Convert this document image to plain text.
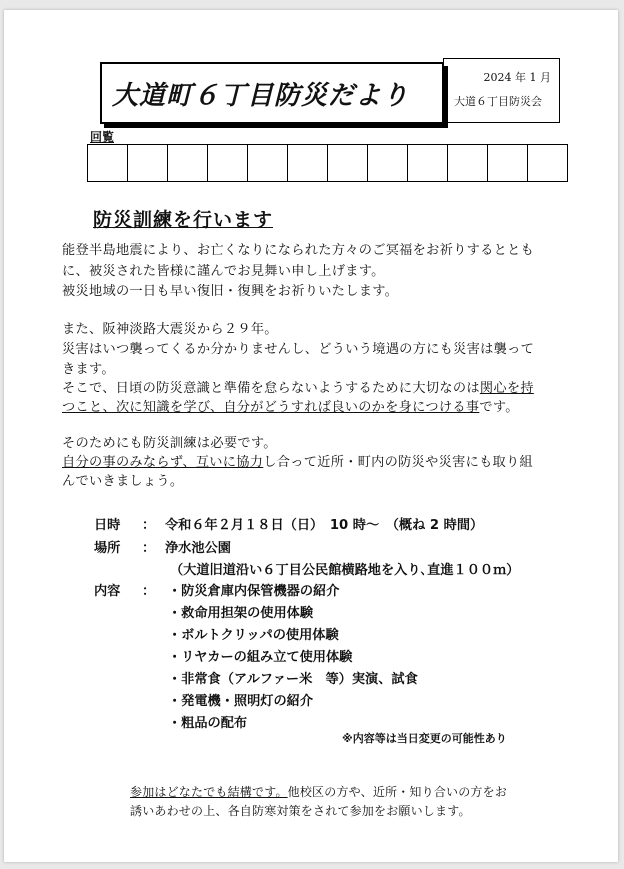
大道町６丁目防災だより
2024 年 1 月
大道６丁目防災会
回覧
防災訓練を行います
能登半島地震により、お亡くなりになられた方々のご冥福をお祈りするととも
に、被災された皆様に謹んでお見舞い申し上げます。
被災地域の一日も早い復旧・復興をお祈りいたします。
また、阪神淡路大震災から２９年。
災害はいつ襲ってくるか分かりませんし、どういう境遇の方にも災害は襲って
きます。
そこで、日頃の防災意識と準備を怠らないようするために大切なのは関心を持
つこと、次に知識を学び、自分がどうすれば良いのかを身につける事です。
そのためにも防災訓練は必要です。
自分の事のみならず、互いに協力し合って近所・町内の防災や災害にも取り組
んでいきましょう。
日時 ： 令和６年２月１８日（日）　10 時～　（概ね 2 時間）
場所 ： 浄水池公園
（大道旧道沿い６丁目公民館横路地を入り､直進１００ｍ）
内容 ： ・防災倉庫内保管機器の紹介
・救命用担架の使用体験
・ボルトクリッパの使用体験
・リヤカーの組み立て使用体験
・非常食（アルファー米　等）実演、試食
・発電機・照明灯の紹介
・粗品の配布
※内容等は当日変更の可能性あり
参加はどなたでも結構です。他校区の方や、近所・知り合いの方をお
誘いあわせの上、各自防寒対策をされて参加をお願いします。
